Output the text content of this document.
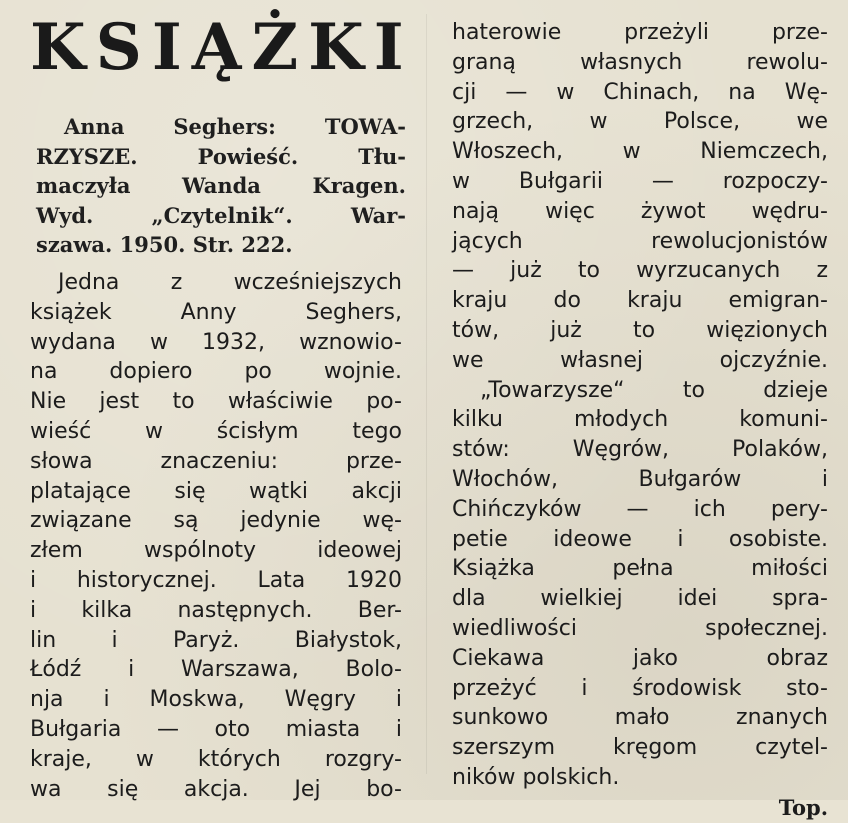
KSIĄŻKI
Anna Seghers: TOWA-
RZYSZE. Powieść. Tłu-
maczyła Wanda Kragen.
Wyd. „Czytelnik“. War-
szawa. 1950. Str. 222.
Jedna z wcześniejszych
książek Anny Seghers,
wydana w 1932, wznowio-
na dopiero po wojnie.
Nie jest to właściwie po-
wieść w ścisłym tego
słowa znaczeniu: prze-
platające się wątki akcji
związane są jedynie wę-
złem wspólnoty ideowej
i historycznej. Lata 1920
i kilka następnych. Ber-
lin i Paryż. Białystok,
Łódź i Warszawa, Bolo-
nja i Moskwa, Węgry i
Bułgaria — oto miasta i
kraje, w których rozgry-
wa się akcja. Jej bo-
haterowie przeżyli prze-
graną własnych rewolu-
cji — w Chinach, na Wę-
grzech, w Polsce, we
Włoszech, w Niemczech,
w Bułgarii — rozpoczy-
nają więc żywot wędru-
jących rewolucjonistów
— już to wyrzucanych z
kraju do kraju emigran-
tów, już to więzionych
we własnej ojczyźnie.
„Towarzysze“ to dzieje
kilku młodych komuni-
stów: Węgrów, Polaków,
Włochów, Bułgarów i
Chińczyków — ich pery-
petie ideowe i osobiste.
Książka pełna miłości
dla wielkiej idei spra-
wiedliwości społecznej.
Ciekawa jako obraz
przeżyć i środowisk sto-
sunkowo mało znanych
szerszym kręgom czytel-
ników polskich.
Top.
